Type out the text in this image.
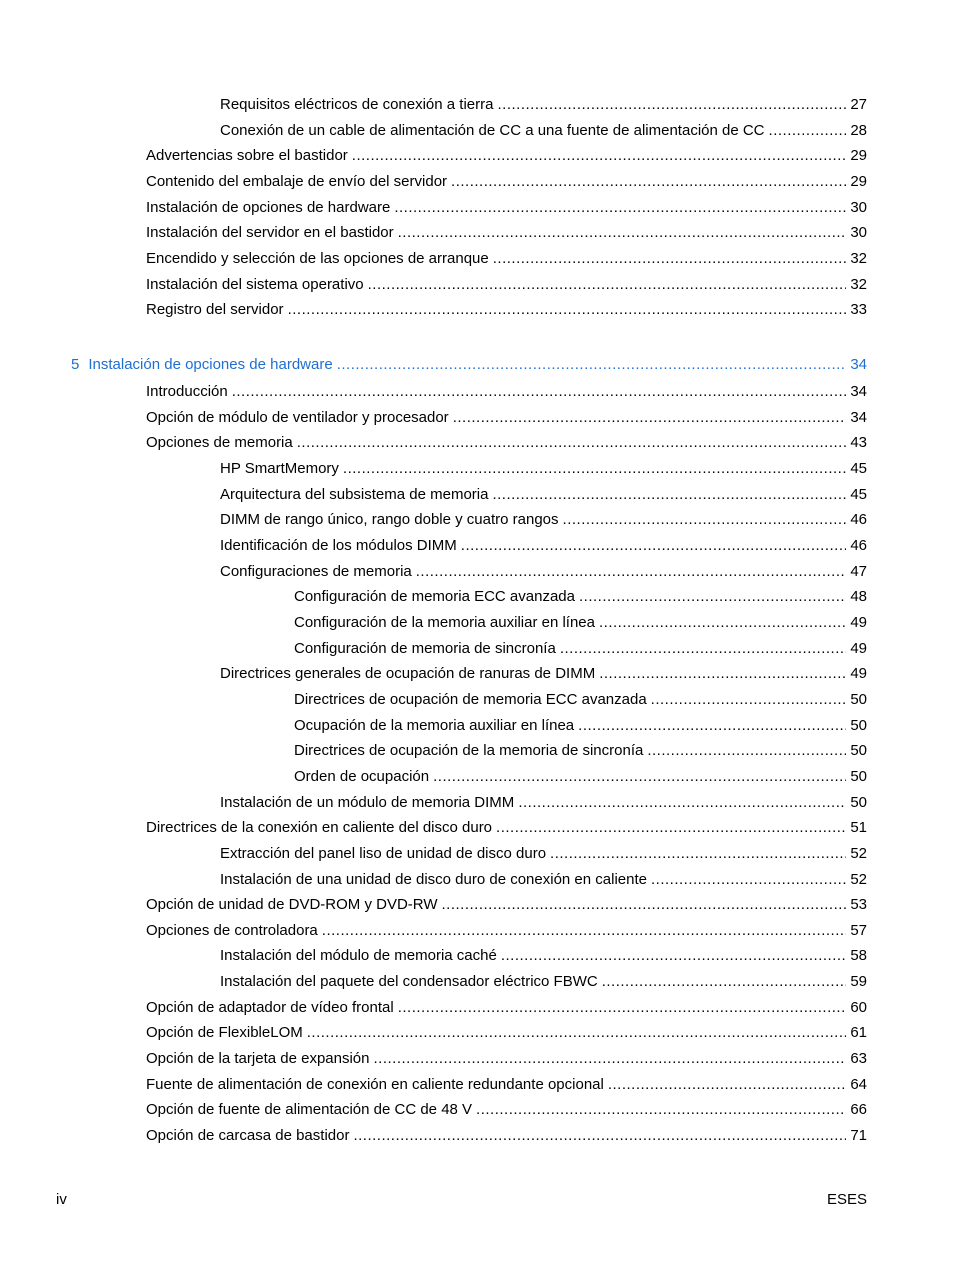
Requisitos eléctricos de conexión a tierra .....	27
Conexión de un cable de alimentación de CC a una fuente de alimentación de CC .....	28
Advertencias sobre el bastidor .....	29
Contenido del embalaje de envío del servidor .....	29
Instalación de opciones de hardware .....	30
Instalación del servidor en el bastidor .....	30
Encendido y selección de las opciones de arranque .....	32
Instalación del sistema operativo .....	32
Registro del servidor .....	33
5 Instalación de opciones de hardware .....	34
Introducción .....	34
Opción de módulo de ventilador y procesador .....	34
Opciones de memoria .....	43
HP SmartMemory .....	45
Arquitectura del subsistema de memoria .....	45
DIMM de rango único, rango doble y cuatro rangos .....	46
Identificación de los módulos DIMM .....	46
Configuraciones de memoria .....	47
Configuración de memoria ECC avanzada .....	48
Configuración de la memoria auxiliar en línea .....	49
Configuración de memoria de sincronía .....	49
Directrices generales de ocupación de ranuras de DIMM .....	49
Directrices de ocupación de memoria ECC avanzada .....	50
Ocupación de la memoria auxiliar en línea .....	50
Directrices de ocupación de la memoria de sincronía .....	50
Orden de ocupación .....	50
Instalación de un módulo de memoria DIMM .....	50
Directrices de la conexión en caliente del disco duro .....	51
Extracción del panel liso de unidad de disco duro .....	52
Instalación de una unidad de disco duro de conexión en caliente .....	52
Opción de unidad de DVD-ROM y DVD-RW .....	53
Opciones de controladora .....	57
Instalación del módulo de memoria caché .....	58
Instalación del paquete del condensador eléctrico FBWC .....	59
Opción de adaptador de vídeo frontal .....	60
Opción de FlexibleLOM .....	61
Opción de la tarjeta de expansión .....	63
Fuente de alimentación de conexión en caliente redundante opcional .....	64
Opción de fuente de alimentación de CC de 48 V .....	66
Opción de carcasa de bastidor .....	71
iv	ESES
